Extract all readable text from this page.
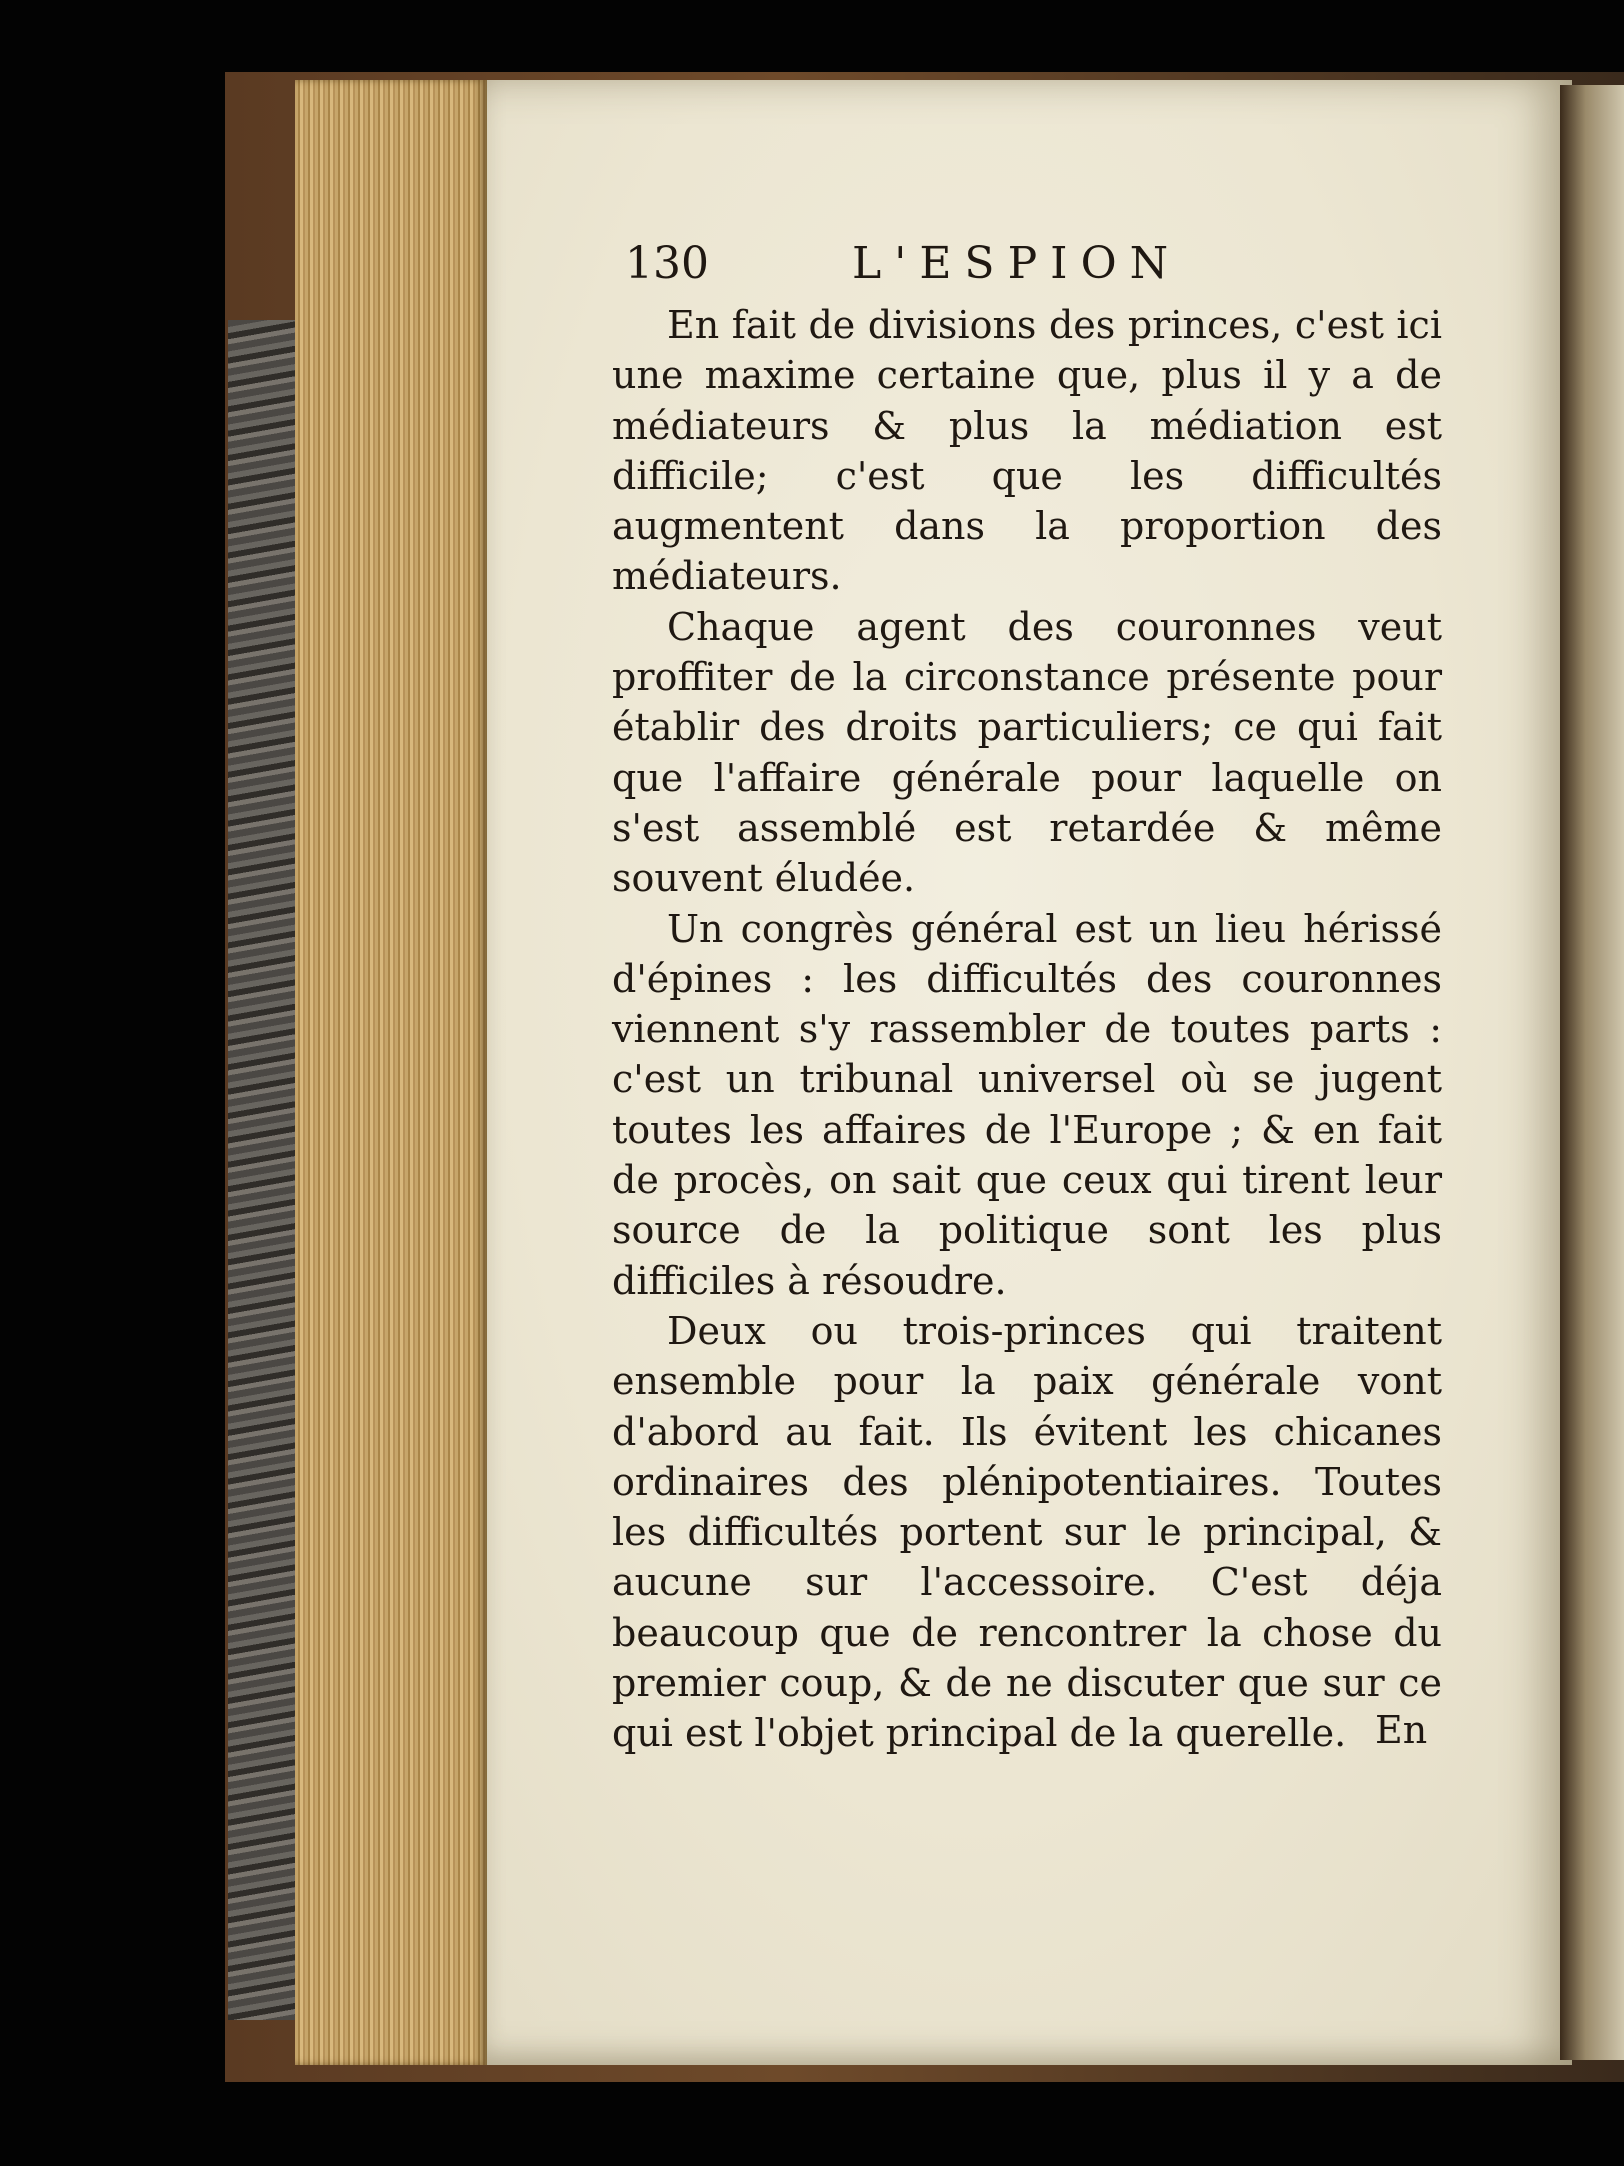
130	L'ESPION

En fait de divisions des princes, c'est ici une maxime certaine que, plus il y a de médiateurs & plus la médiation est difficile; c'est que les difficultés augmentent dans la proportion des médiateurs.

Chaque agent des couronnes veut proffiter de la circonstance présente pour établir des droits particuliers; ce qui fait que l'affaire générale pour laquelle on s'est assemblé est retardée & même souvent éludée.

Un congrès général est un lieu hérissé d'épines : les difficultés des couronnes viennent s'y rassembler de toutes parts : c'est un tribunal universel où se jugent toutes les affaires de l'Europe ; & en fait de procès, on sait que ceux qui tirent leur source de la politique sont les plus difficiles à résoudre.

Deux ou trois-princes qui traitent ensemble pour la paix générale vont d'abord au fait. Ils évitent les chicanes ordinaires des plénipotentiaires. Toutes les difficultés portent sur le principal, & aucune sur l'accessoire. C'est déja beaucoup que de rencontrer la chose du premier coup, & de ne discuter que sur ce qui est l'objet principal de la querelle. En
